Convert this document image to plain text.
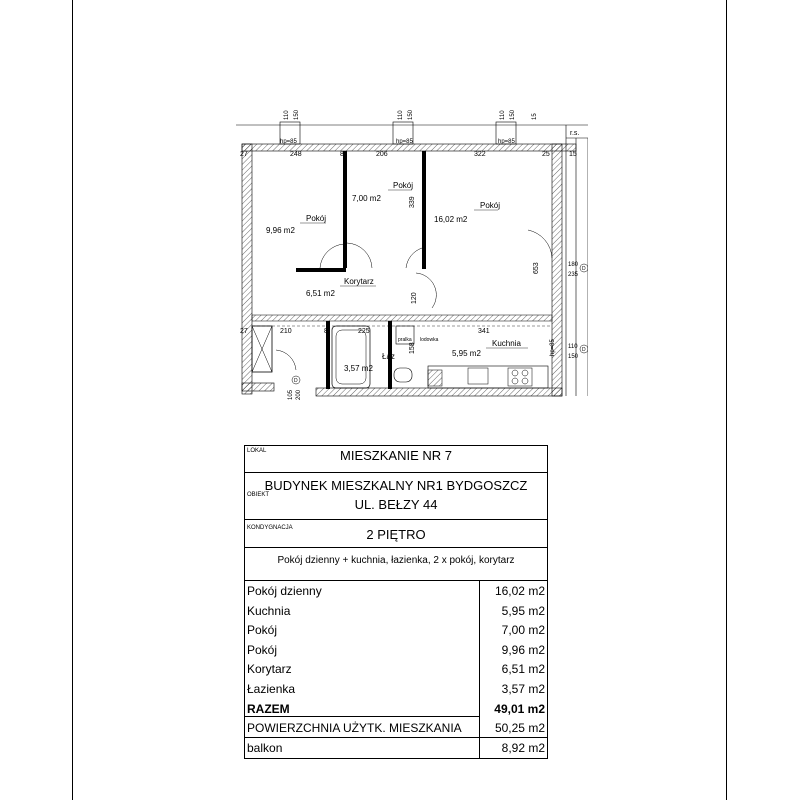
Pokój
9,96 m2
Pokój
7,00 m2
Pokój
16,02 m2
Korytarz
6,51 m2
Łaz
3,57 m2
Kuchnia
5,95 m2
hp=85	hp=85	hp=85
hp=85
248	206	322	25
27
27
8	8
8	8
15
210	225	341
339
120
158
653
110 150	110 150	110 150	15
180
235
110
150
105 200
pralka lodowka
r.s.
D
D
D
LOKAL	MIESZKANIE NR 7
OBIEKT
BUDYNEK MIESZKALNY NR1 BYDGOSZCZ
UL. BEŁZY 44
KONDYGNACJA	2 PIĘTRO
Pokój dzienny + kuchnia, łazienka, 2 x pokój, korytarz
Pokój dzienny	16,02 m2
Kuchnia	5,95 m2
Pokój	7,00 m2
Pokój	9,96 m2
Korytarz	6,51 m2
Łazienka	3,57 m2
RAZEM	49,01 m2
POWIERZCHNIA UŻYTK. MIESZKANIA	50,25 m2
balkon	8,92 m2
